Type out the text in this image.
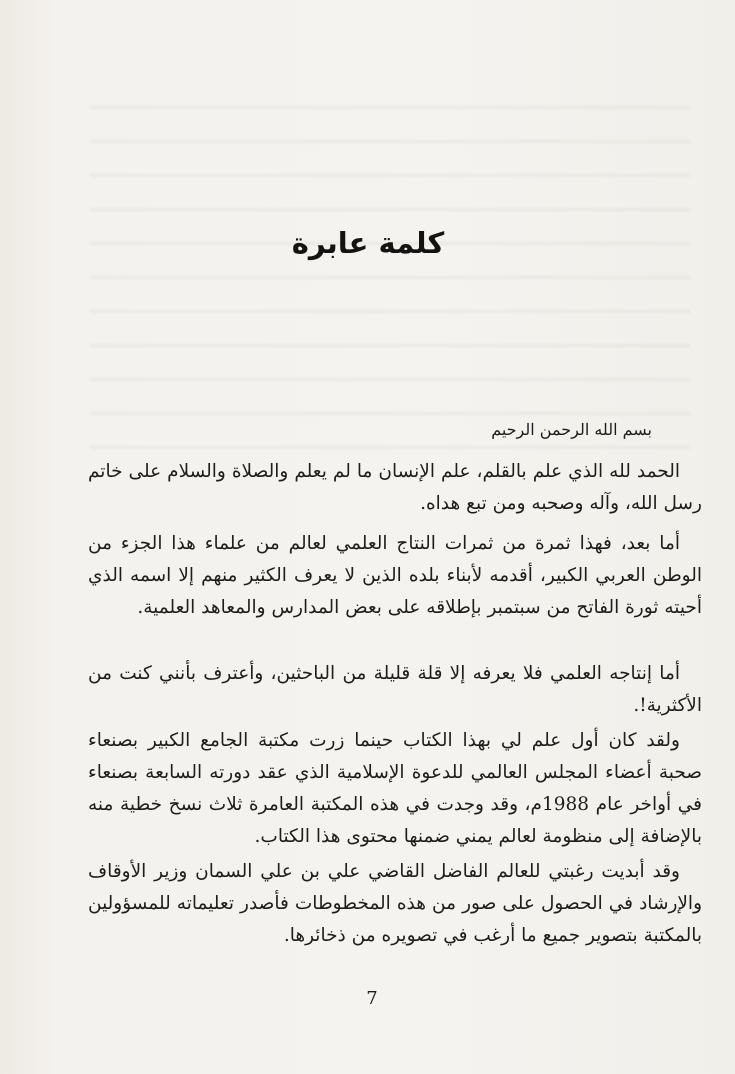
كلمة عابرة
بسم الله الرحمن الرحيم

الحمد لله الذي علم بالقلم، علم الإنسان ما لم يعلم والصلاة والسلام على خاتم رسل الله، وآله وصحبه ومن تبع هداه.

أما بعد، فهذا ثمرة من ثمرات النتاج العلمي لعالم من علماء هذا الجزء من الوطن العربي الكبير، أقدمه لأبناء بلده الذين لا يعرف الكثير منهم إلا اسمه الذي أحيته ثورة الفاتح من سبتمبر بإطلاقه على بعض المدارس والمعاهد العلمية.

أما إنتاجه العلمي فلا يعرفه إلا قلة قليلة من الباحثين، وأعترف بأنني كنت من الأكثرية!.

ولقد كان أول علم لي بهذا الكتاب حينما زرت مكتبة الجامع الكبير بصنعاء صحبة أعضاء المجلس العالمي للدعوة الإسلامية الذي عقد دورته السابعة بصنعاء في أواخر عام 1988م، وقد وجدت في هذه المكتبة العامرة ثلاث نسخ خطية منه بالإضافة إلى منظومة لعالم يمني ضمنها محتوى هذا الكتاب.

وقد أبديت رغبتي للعالم الفاضل القاضي علي بن علي السمان وزير الأوقاف والإرشاد في الحصول على صور من هذه المخطوطات فأصدر تعليماته للمسؤولين بالمكتبة بتصوير جميع ما أرغب في تصويره من ذخائرها.

7
